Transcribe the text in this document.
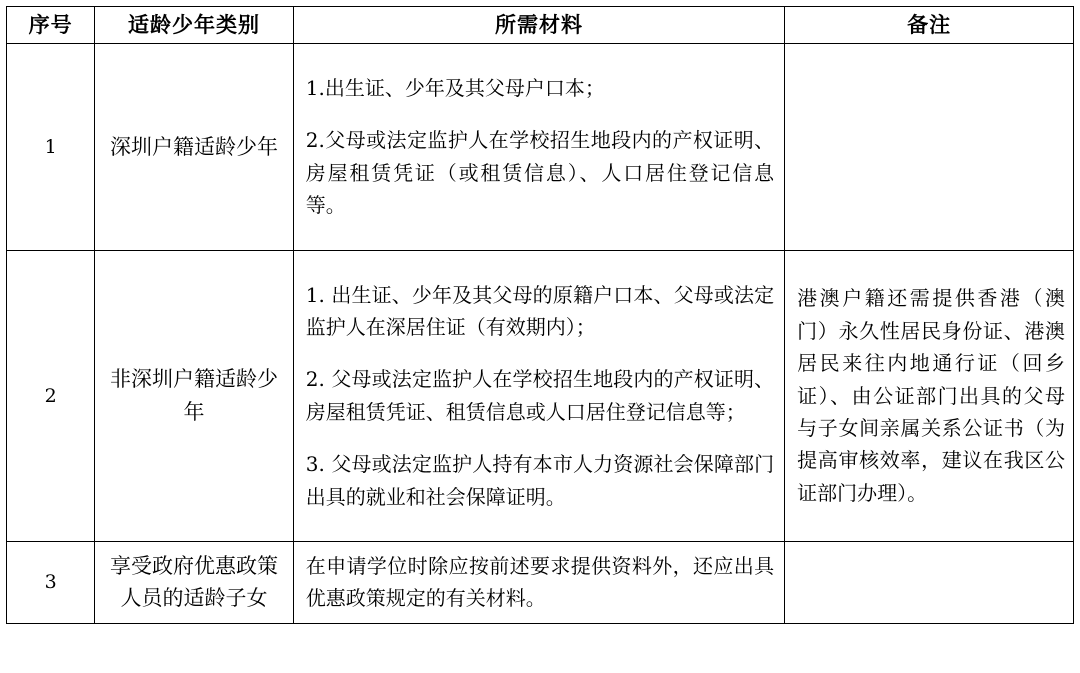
序号	适龄少年类别	所需材料	备注
1	深圳户籍适龄少年	1.出生证、少年及其父母户口本；

2.父母或法定监护人在学校招生地段内的产权证明、房屋租赁凭证（或租赁信息）、人口居住登记信息等。	

2	非深圳户籍适龄少年	1. 出生证、少年及其父母的原籍户口本、父母或法定监护人在深居住证（有效期内）；

2. 父母或法定监护人在学校招生地段内的产权证明、房屋租赁凭证、租赁信息或人口居住登记信息等；

3. 父母或法定监护人持有本市人力资源社会保障部门出具的就业和社会保障证明。	港澳户籍还需提供香港（澳门）永久性居民身份证、港澳居民来往内地通行证（回乡证）、由公证部门出具的父母与子女间亲属关系公证书（为提高审核效率，建议在我区公证部门办理）。
3	享受政府优惠政策人员的适龄子女	在申请学位时除应按前述要求提供资料外，还应出具优惠政策规定的有关材料。	
